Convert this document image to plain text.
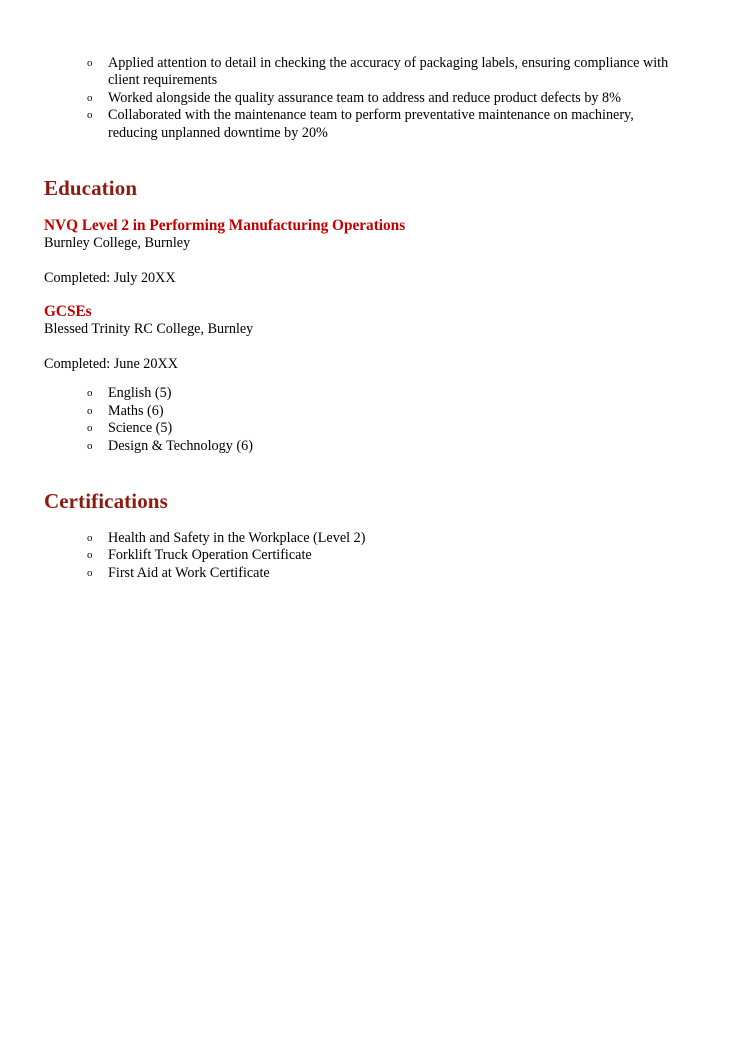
o Applied attention to detail in checking the accuracy of packaging labels, ensuring compliance with client requirements
o Worked alongside the quality assurance team to address and reduce product defects by 8%
o Collaborated with the maintenance team to perform preventative maintenance on machinery, reducing unplanned downtime by 20%
Education
NVQ Level 2 in Performing Manufacturing Operations

Burnley College, Burnley

Completed: July 20XX

GCSEs

Blessed Trinity RC College, Burnley

Completed: June 20XX

o English (5)
o Maths (6)
o Science (5)
o Design & Technology (6)
Certifications
o Health and Safety in the Workplace (Level 2)
o Forklift Truck Operation Certificate
o First Aid at Work Certificate
